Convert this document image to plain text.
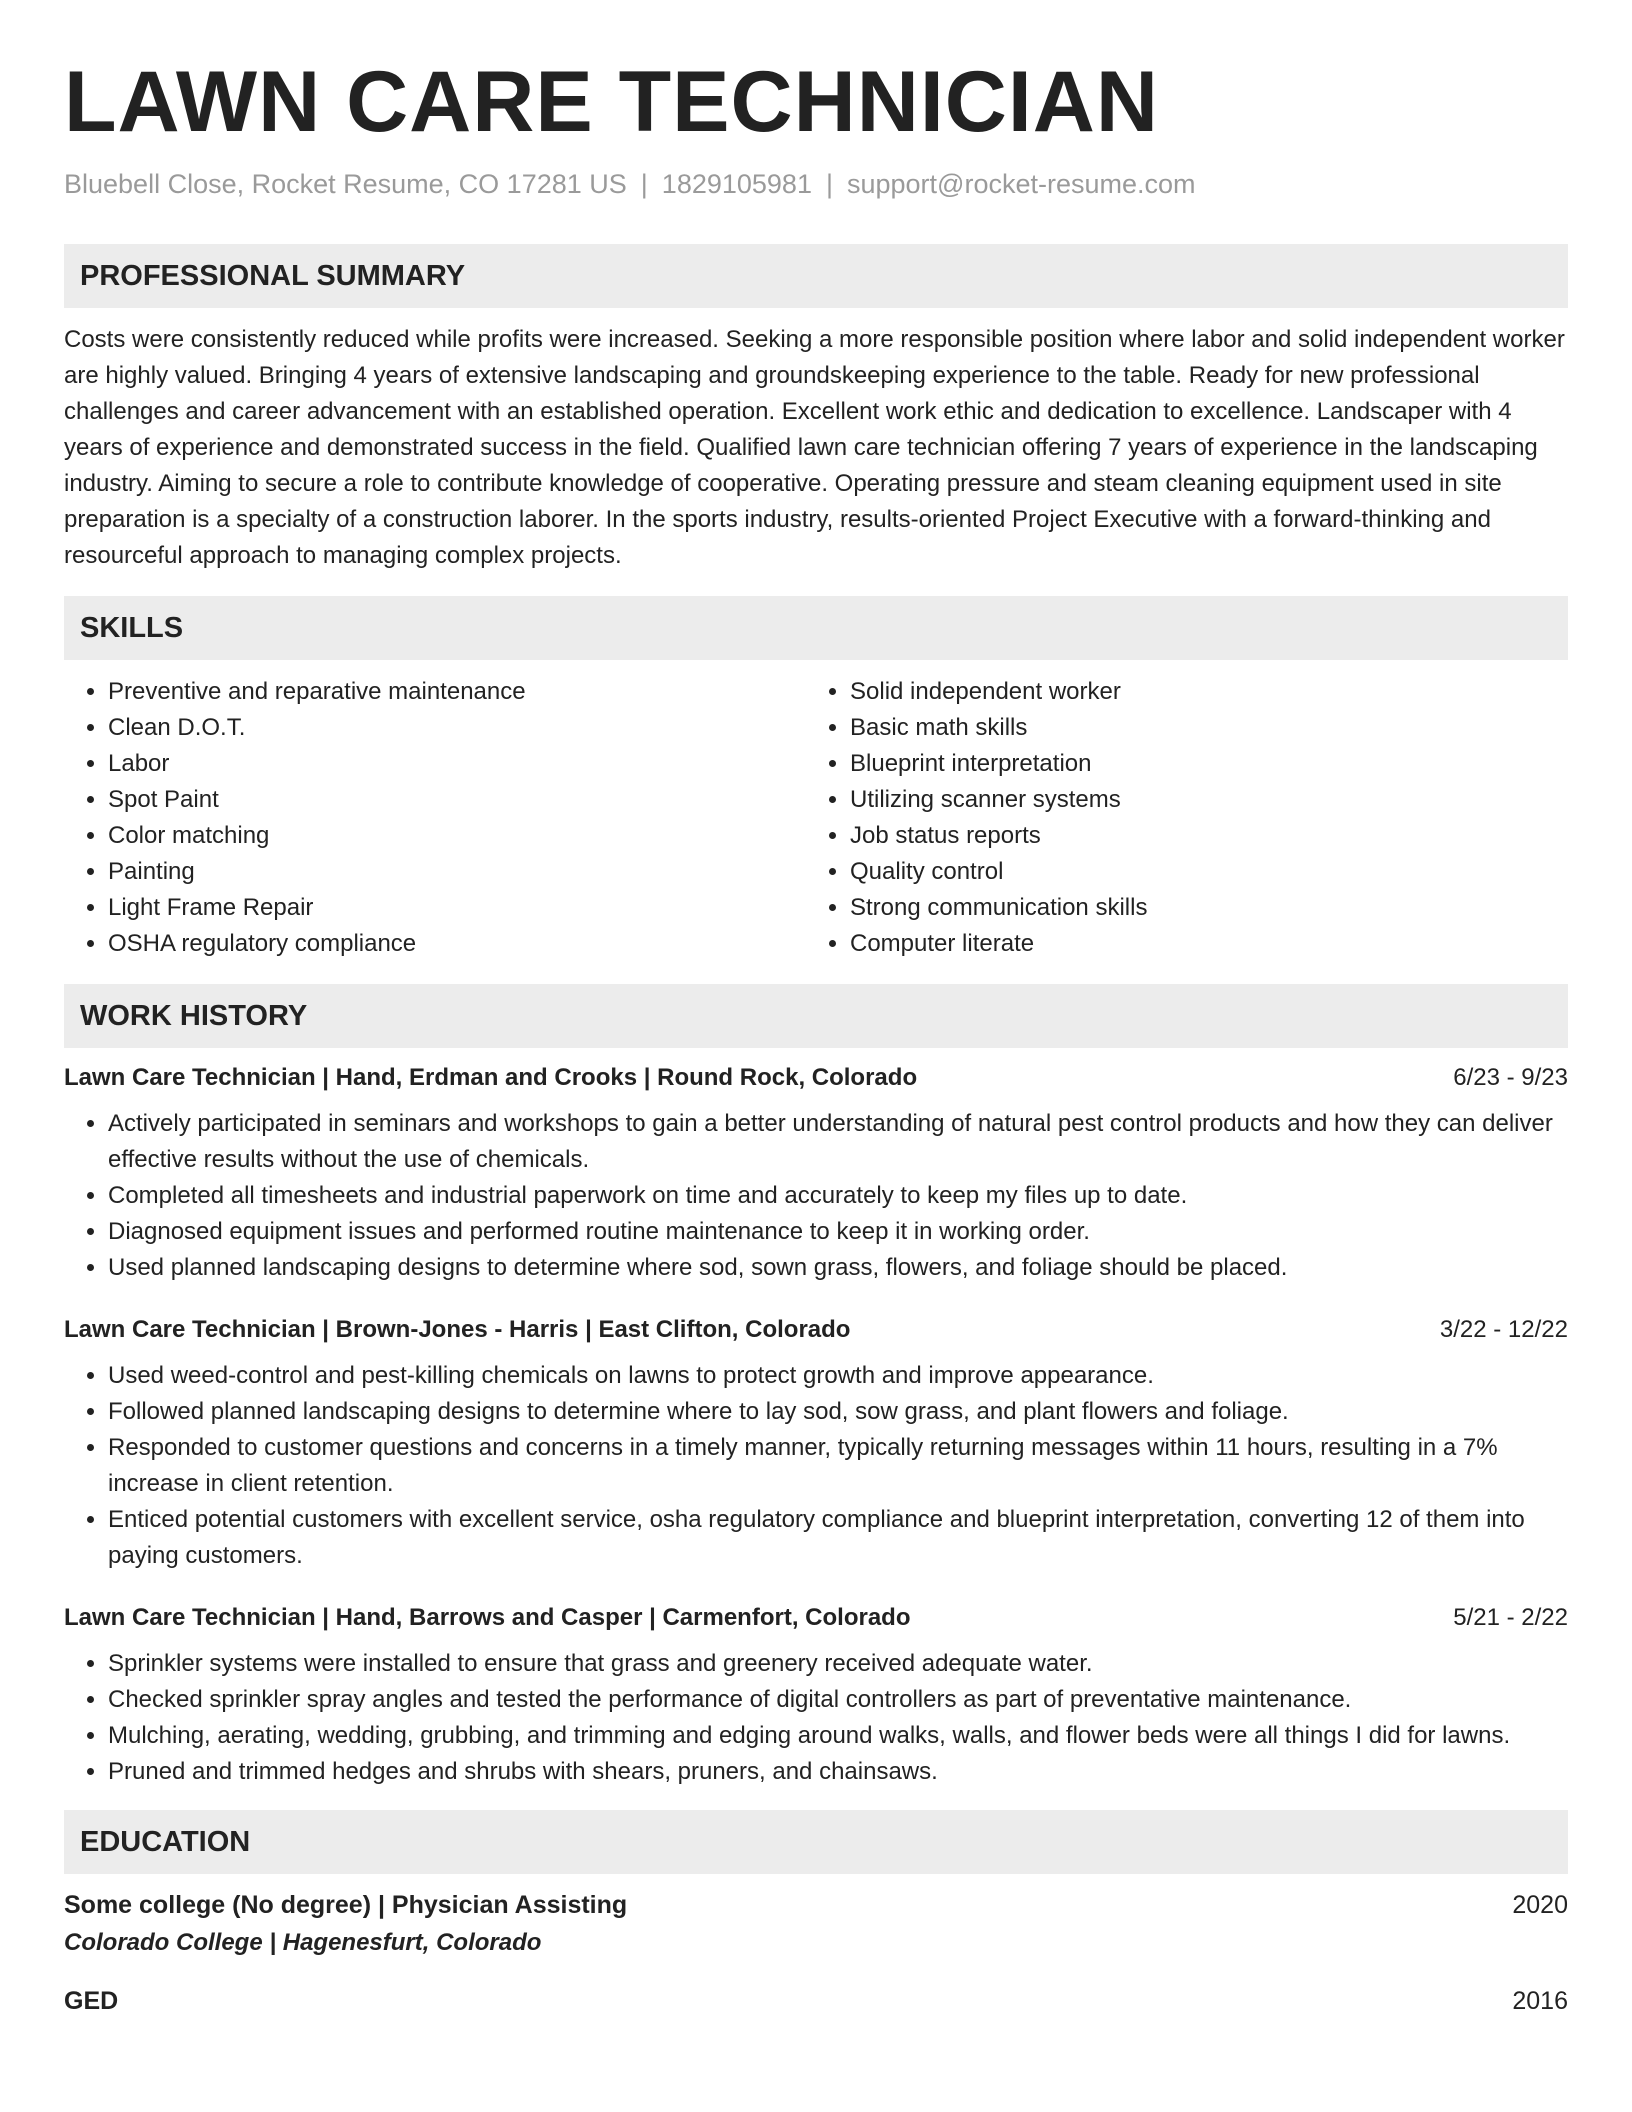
LAWN CARE TECHNICIAN
Bluebell Close, Rocket Resume, CO 17281 US | 1829105981 | support@rocket-resume.com
PROFESSIONAL SUMMARY
Costs were consistently reduced while profits were increased. Seeking a more responsible position where labor and solid independent worker are highly valued. Bringing 4 years of extensive landscaping and groundskeeping experience to the table. Ready for new professional challenges and career advancement with an established operation. Excellent work ethic and dedication to excellence. Landscaper with 4 years of experience and demonstrated success in the field. Qualified lawn care technician offering 7 years of experience in the landscaping industry. Aiming to secure a role to contribute knowledge of cooperative. Operating pressure and steam cleaning equipment used in site preparation is a specialty of a construction laborer. In the sports industry, results-oriented Project Executive with a forward-thinking and resourceful approach to managing complex projects.
SKILLS
• Preventive and reparative maintenance
• Clean D.O.T.
• Labor
• Spot Paint
• Color matching
• Painting
• Light Frame Repair
• OSHA regulatory compliance
• Solid independent worker
• Basic math skills
• Blueprint interpretation
• Utilizing scanner systems
• Job status reports
• Quality control
• Strong communication skills
• Computer literate
WORK HISTORY
Lawn Care Technician | Hand, Erdman and Crooks | Round Rock, Colorado	6/23 - 9/23
• Actively participated in seminars and workshops to gain a better understanding of natural pest control products and how they can deliver effective results without the use of chemicals.
• Completed all timesheets and industrial paperwork on time and accurately to keep my files up to date.
• Diagnosed equipment issues and performed routine maintenance to keep it in working order.
• Used planned landscaping designs to determine where sod, sown grass, flowers, and foliage should be placed.
Lawn Care Technician | Brown-Jones - Harris | East Clifton, Colorado	3/22 - 12/22
• Used weed-control and pest-killing chemicals on lawns to protect growth and improve appearance.
• Followed planned landscaping designs to determine where to lay sod, sow grass, and plant flowers and foliage.
• Responded to customer questions and concerns in a timely manner, typically returning messages within 11 hours, resulting in a 7% increase in client retention.
• Enticed potential customers with excellent service, osha regulatory compliance and blueprint interpretation, converting 12 of them into paying customers.
Lawn Care Technician | Hand, Barrows and Casper | Carmenfort, Colorado	5/21 - 2/22
• Sprinkler systems were installed to ensure that grass and greenery received adequate water.
• Checked sprinkler spray angles and tested the performance of digital controllers as part of preventative maintenance.
• Mulching, aerating, wedding, grubbing, and trimming and edging around walks, walls, and flower beds were all things I did for lawns.
• Pruned and trimmed hedges and shrubs with shears, pruners, and chainsaws.
EDUCATION
Some college (No degree) | Physician Assisting	2020
Colorado College | Hagenesfurt, Colorado
GED	2016
